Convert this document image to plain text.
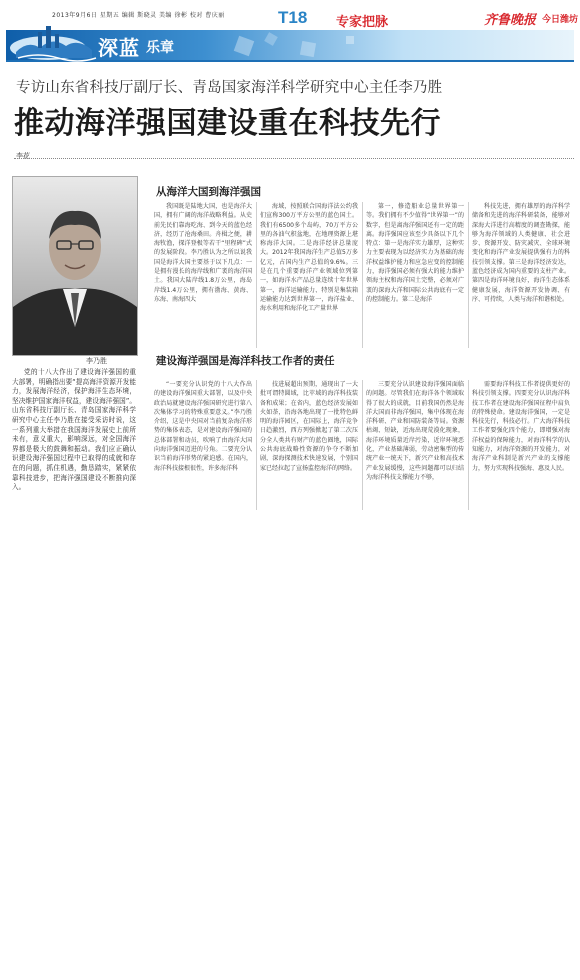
2013年9月6日 星期五 编辑 斯晓灵 美编 徐彬 校对 曹庆丽	T18 专家把脉	齐鲁晚报 今日潍坊
深蓝 乐章
专访山东省科技厅副厅长、青岛国家海洋科学研究中心主任李乃胜
推动海洋强国建设重在科技先行
李花
李乃胜
党的十八大作出了建设海洋强国的重大部署，明确指出要“提高海洋资源开发能力，发展海洋经济，保护海洋生态环境，坚决维护国家海洋权益，建设海洋强国”。山东省科技厅副厅长、青岛国家海洋科学研究中心主任李乃胜在接受采访时说，这一系列重大举措在我国海洋发展史上前所未有，意义重大，影响深远，对全国海洋界都是极大的鼓舞和振动。我们应正确认识建设海洋强国过程中已取得的成就和存在的问题，抓住机遇，勤恳踏实，紧紧依靠科技进步，把海洋强国建设不断推向深入。
从海洋大国到海洋强国
我国既是陆地大国，也是海洋大国，拥有广阔的海洋战略利益。从史前先民们靠海吃海、到今天的蓝色经济，经历了沧海桑田。舟楫之便，耕海牧渔，探洋登极等若干“里程碑”式的发展阶段。李乃胜认为之所以说我国是海洋大国主要基于以下几点：一是拥有漫长的海岸线和广袤的海洋国土。我国大陆岸线1.8万公里，海岛岸线1.4万公里，拥有渤海、黄海、东海、南海四大
海域，按照联合国海洋法公约我们宣称300万平方公里的蓝色国土。我们有6500多个岛屿，70万平方公里的各油气积盆地，在地理资源上堪称海洋大国。二是海洋经济总量庞大。2012年我国海洋生产总值5万多亿元，占国内生产总值的9.6%。三是在几个重要海洋产业领域位列第一，如海洋水产品总量连续十年世界第一，海洋运输能力、特别是集装箱运输能力达到世界第一，海洋盐业、海水利用和海洋化工产量世界
第一，修造船业总量世界第一等。我们拥有不少值得“世界第一”的数字，但是离海洋强国还有一定的距离。海洋强国应该至少具备以下几个特点：第一是海洋实力雄厚，这种实力主要表现为以经济实力为基础的海洋权益维护能力和应急应变的控制能力，海洋强国必须有强大的能力维护领海主权和海洋国土完整，必须对广袤的深海大洋和国际公共海底有一定的控制能力。第二是海洋
科技先进，拥有雄厚的海洋科学储备和先进的海洋科研装备，能够对深海大洋进行高精度的调查勘探，能够为海洋领域的人类健康、社会进步、资源开发、防灾减灾、全球环境变化和海洋产业发展提供强有力的科技引领支撑。第三是海洋经济发达，蓝色经济成为国内重要的支柱产业。第四是海洋环境良好，海洋生态体系健康发展，海洋资源开发协调、有序、可持续，人类与海洋和谐相处。
建设海洋强国是海洋科技工作者的责任
“一要充分认识党的十八大作出的建设海洋强国重大部署，以及中央政治局就建设海洋强国研究进行第八次集体学习的特殊重要意义。”李乃胜介绍，这是中央国对当前复杂海洋形势的集体表态，是对建设海洋强国的总体部署和动员，吹响了由海洋大国向海洋强国迈进的号角。二要充分认识当前海洋形势的紧迫感。在国内，海洋科技接根很性，许多海洋科
技进展超出预期，通现出了一大批可谓特圆域，比苹域的海洋科技装备和成果；在省内，蓝色经济发展如火如荼，沿海各地出现了一批特色鲜明的海洋园区，在国际上，海洋竞争日趋激烈，西方列强掀起了第二次压分全人类共有财产的蓝色圈地，国际公共海底战略性资源的争夺不断加剧，深海探测技术快速发展，个别国家已经拉起了宣扬监控海洋的网络。
三要充分认识建设海洋强国面临的问题。尽管我们在海洋各个领域取得了很大的成就，目前我国仍然是海洋大国而非海洋强国，集中体现在海洋科研、产业和国防装备等局。资源枯竭、短缺，近海出现荒漠化现象，海洋环境质量近岸污染，近岸环境恶化，产业基础薄弱，劳动密集型的传统产业一统天下，新兴产业和高技术产业发展缓慢，这些问题都可以归结为海洋科技支撑能力不够，
需要海洋科技工作者提供更好的科技引领支撑。四要充分认识海洋科技工作者在建设海洋强国征程中肩负的特殊使命。建设海洋强国，一定是科技先行，科技必行。广大海洋科技工作者要强化四个能力，即增强对海洋权益的保障能力，对海洋科学的认知能力，对海洋资源的开发能力，对海洋产业科制是新兴产业的支撑能力，努力实现科技强海、惠及人民。
